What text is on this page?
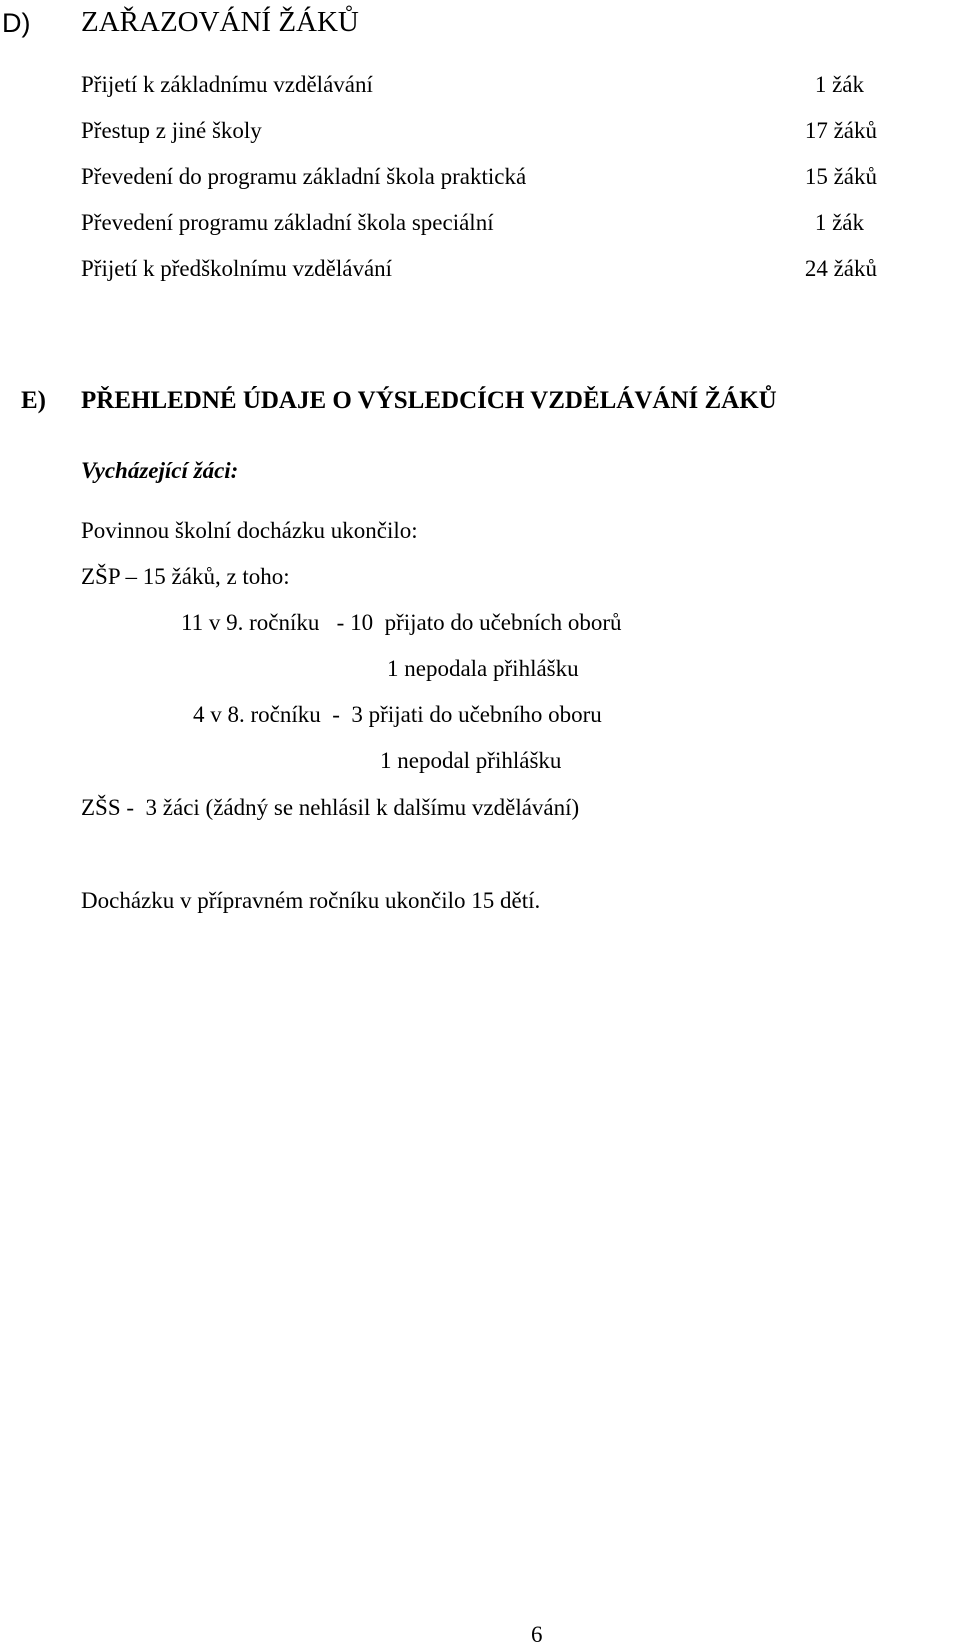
D) ZAŘAZOVÁNÍ ŽÁKŮ
Přijetí k základnímu vzdělávání	1 žák
Přestup z jiné školy	17 žáků
Převedení do programu základní škola praktická	15 žáků
Převedení programu základní škola speciální	1 žák
Přijetí k předškolnímu vzdělávání	24 žáků
E) PŘEHLEDNÉ ÚDAJE O VÝSLEDCÍCH VZDĚLÁVÁNÍ ŽÁKŮ
Vycházející žáci:
Povinnou školní docházku ukončilo:
ZŠP – 15 žáků, z toho:
11 v 9. ročníku   - 10  přijato do učebních oborů
1 nepodala přihlášku
4 v 8. ročníku  -  3 přijati do učebního oboru
1 nepodal přihlášku
ZŠS -  3 žáci (žádný se nehlásil k dalšímu vzdělávání)
Docházku v přípravném ročníku ukončilo 15 dětí.
6
